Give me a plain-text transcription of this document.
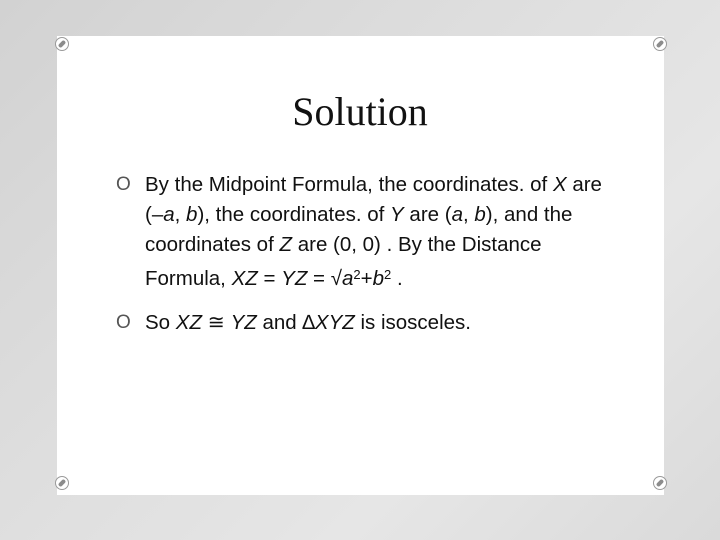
Solution
O By the Midpoint Formula, the coordinates. of X are (–a, b), the coordinates. of Y are (a, b), and the coordinates of Z are (0, 0) . By the Distance Formula, XZ = YZ = $√a^2+b^2$ .
O So XZ ≅ YZ and ∆XYZ is isosceles.
